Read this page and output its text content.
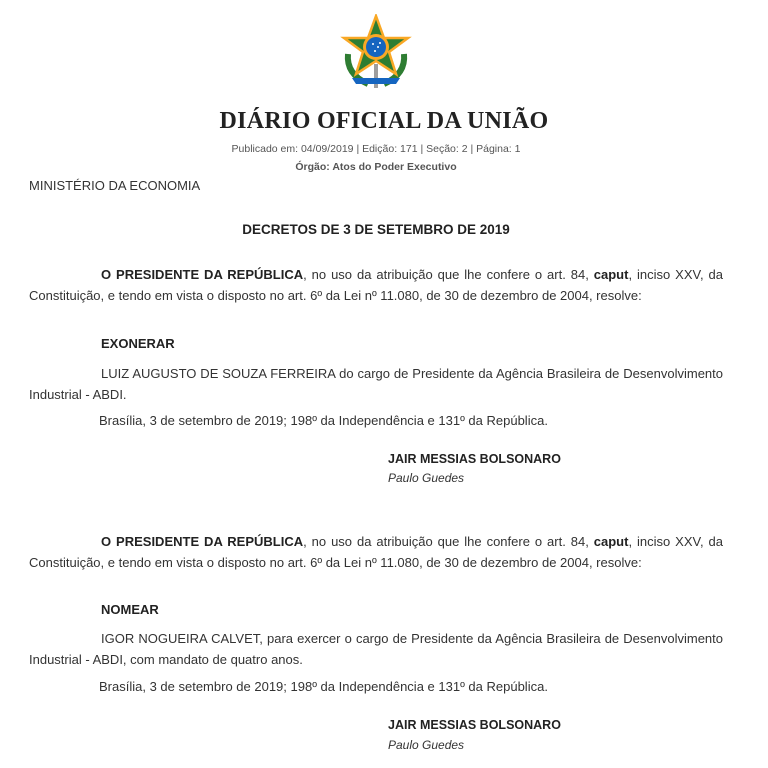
DIÁRIO OFICIAL DA UNIÃO
Publicado em: 04/09/2019 | Edição: 171 | Seção: 2 | Página: 1
Órgão: Atos do Poder Executivo
MINISTÉRIO DA ECONOMIA
DECRETOS DE 3 DE SETEMBRO DE 2019
O PRESIDENTE DA REPÚBLICA, no uso da atribuição que lhe confere o art. 84, caput, inciso XXV, da Constituição, e tendo em vista o disposto no art. 6º da Lei nº 11.080, de 30 de dezembro de 2004, resolve:
EXONERAR
LUIZ AUGUSTO DE SOUZA FERREIRA do cargo de Presidente da Agência Brasileira de Desenvolvimento Industrial - ABDI.
Brasília, 3 de setembro de 2019; 198º da Independência e 131º da República.
JAIR MESSIAS BOLSONARO
Paulo Guedes
O PRESIDENTE DA REPÚBLICA, no uso da atribuição que lhe confere o art. 84, caput, inciso XXV, da Constituição, e tendo em vista o disposto no art. 6º da Lei nº 11.080, de 30 de dezembro de 2004, resolve:
NOMEAR
IGOR NOGUEIRA CALVET, para exercer o cargo de Presidente da Agência Brasileira de Desenvolvimento Industrial - ABDI, com mandato de quatro anos.
Brasília, 3 de setembro de 2019; 198º da Independência e 131º da República.
JAIR MESSIAS BOLSONARO
Paulo Guedes
